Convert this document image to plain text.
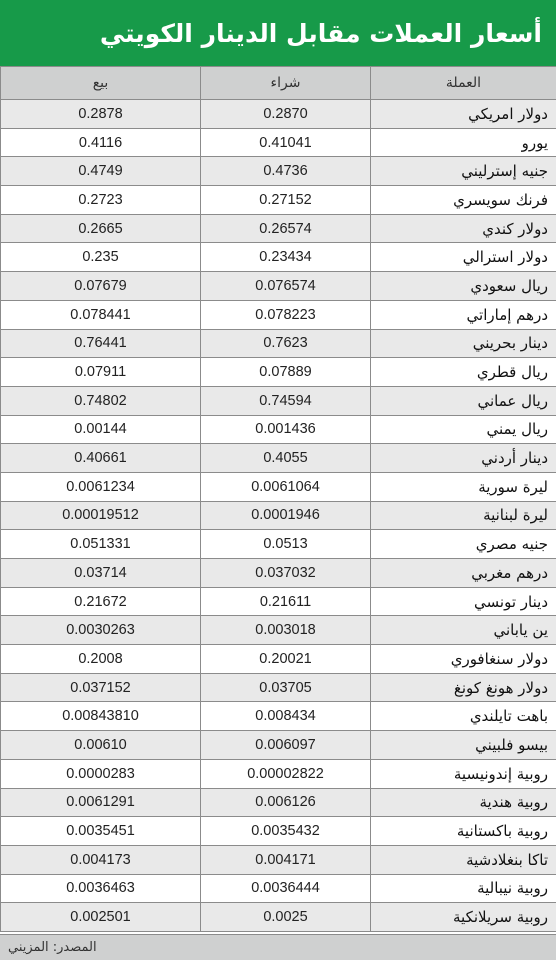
أسعار العملات مقابل الدينار الكويتي
بيع	شراء	العملة
0.2878	0.2870	دولار امريكي
0.4116	0.41041	يورو
0.4749	0.4736	جنيه إسترليني
0.2723	0.27152	فرنك سويسري
0.2665	0.26574	دولار كندي
0.235	0.23434	دولار استرالي
0.07679	0.076574	ريال سعودي
0.078441	0.078223	درهم إماراتي
0.76441	0.7623	دينار بحريني
0.07911	0.07889	ريال قطري
0.74802	0.74594	ريال عماني
0.00144	0.001436	ريال يمني
0.40661	0.4055	دينار أردني
0.0061234	0.0061064	ليرة سورية
0.00019512	0.0001946	ليرة لبنانية
0.051331	0.0513	جنيه مصري
0.03714	0.037032	درهم مغربي
0.21672	0.21611	دينار تونسي
0.0030263	0.003018	ين ياباني
0.2008	0.20021	دولار سنغافوري
0.037152	0.03705	دولار هونغ كونغ
0.00843810	0.008434	باهت تايلندي
0.00610	0.006097	بيسو فلبيني
0.0000283	0.00002822	روبية إندونيسية
0.0061291	0.006126	روبية هندية
0.0035451	0.0035432	روبية باكستانية
0.004173	0.004171	تاكا بنغلادشية
0.0036463	0.0036444	روبية نيبالية
0.002501	0.0025	روبية سريلانكية
المصدر: المزيني
